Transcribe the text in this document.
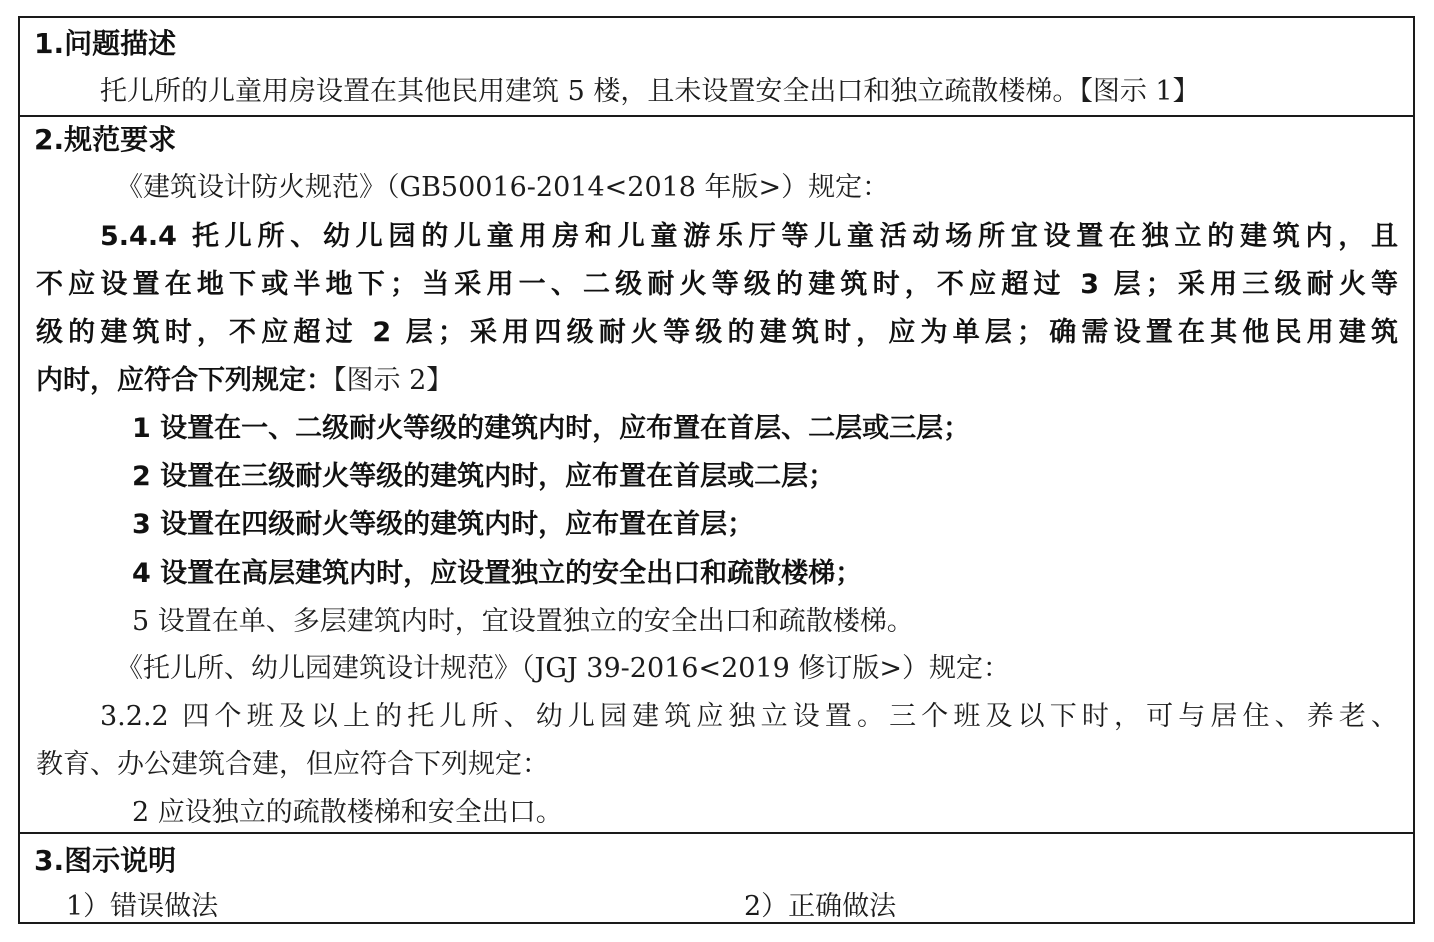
1.问题描述
托儿所的儿童用房设置在其他民用建筑 5 楼，且未设置安全出口和独立疏散楼梯。【图示 1】
2.规范要求
《建筑设计防火规范》（GB50016-2014<2018 年版>）规定：
5.4.4 托儿所、幼儿园的儿童用房和儿童游乐厅等儿童活动场所宜设置在独立的建筑内，且
不应设置在地下或半地下；当采用一、二级耐火等级的建筑时，不应超过 3 层；采用三级耐火等
级的建筑时，不应超过 2 层；采用四级耐火等级的建筑时，应为单层；确需设置在其他民用建筑
内时，应符合下列规定：【图示 2】
1 设置在一、二级耐火等级的建筑内时，应布置在首层、二层或三层；
2 设置在三级耐火等级的建筑内时，应布置在首层或二层；
3 设置在四级耐火等级的建筑内时，应布置在首层；
4 设置在高层建筑内时，应设置独立的安全出口和疏散楼梯；
5 设置在单、多层建筑内时，宜设置独立的安全出口和疏散楼梯。
《托儿所、幼儿园建筑设计规范》（JGJ 39-2016<2019 修订版>）规定：
3.2.2 四个班及以上的托儿所、幼儿园建筑应独立设置。三个班及以下时，可与居住、养老、
教育、办公建筑合建，但应符合下列规定：
2 应设独立的疏散楼梯和安全出口。
3.图示说明
1）错误做法	2）正确做法
